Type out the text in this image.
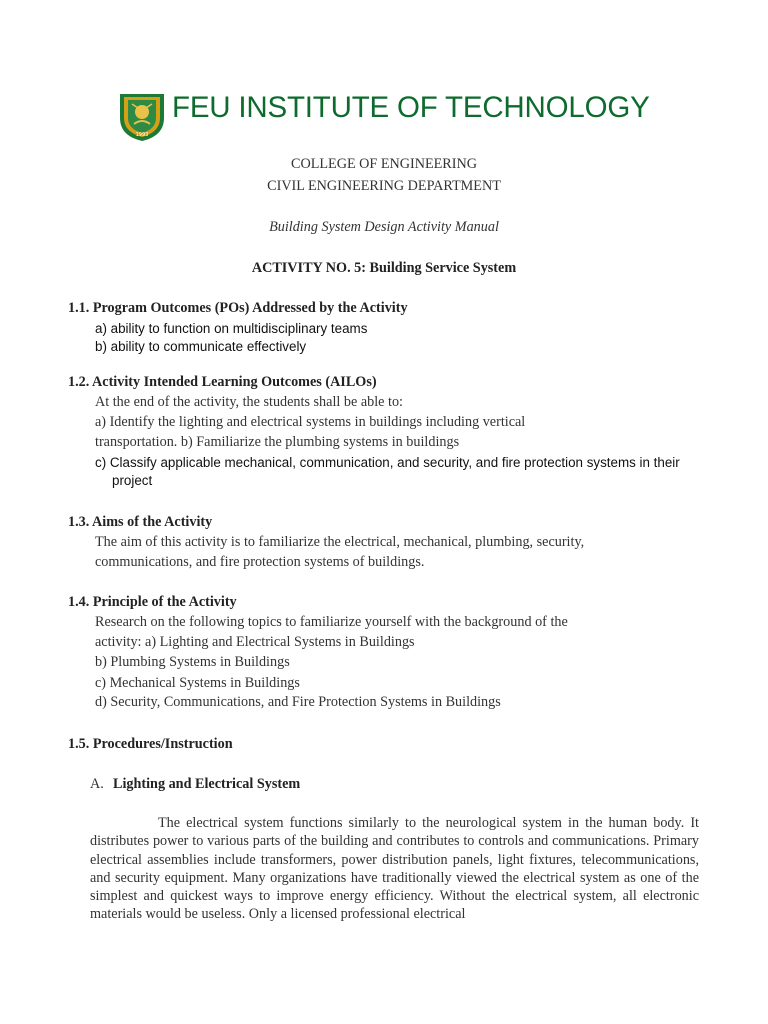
1993
FEU INSTITUTE OF TECHNOLOGY
COLLEGE OF ENGINEERING
CIVIL ENGINEERING DEPARTMENT
Building System Design Activity Manual
ACTIVITY NO. 5: Building Service System
1.1. Program Outcomes (POs) Addressed by the Activity
a) ability to function on multidisciplinary teams
b) ability to communicate effectively
1.2. Activity Intended Learning Outcomes (AILOs)
At the end of the activity, the students shall be able to:
a) Identify the lighting and electrical systems in buildings including vertical
transportation. b) Familiarize the plumbing systems in buildings
c) Classify applicable mechanical, communication, and security, and fire protection systems in their
project
1.3. Aims of the Activity
The aim of this activity is to familiarize the electrical, mechanical, plumbing, security,
communications, and fire protection systems of buildings.
1.4. Principle of the Activity
Research on the following topics to familiarize yourself with the background of the
activity: a) Lighting and Electrical Systems in Buildings
b) Plumbing Systems in Buildings
c) Mechanical Systems in Buildings
d) Security, Communications, and Fire Protection Systems in Buildings
1.5. Procedures/Instruction
A. Lighting and Electrical System
The electrical system functions similarly to the neurological system in the human body. It distributes power to various parts of the building and contributes to controls and communications. Primary electrical assemblies include transformers, power distribution panels, light fixtures, telecommunications, and security equipment. Many organizations have traditionally viewed the electrical system as one of the simplest and quickest ways to improve energy efficiency. Without the electrical system, all electronic materials would be useless. Only a licensed professional electrical
